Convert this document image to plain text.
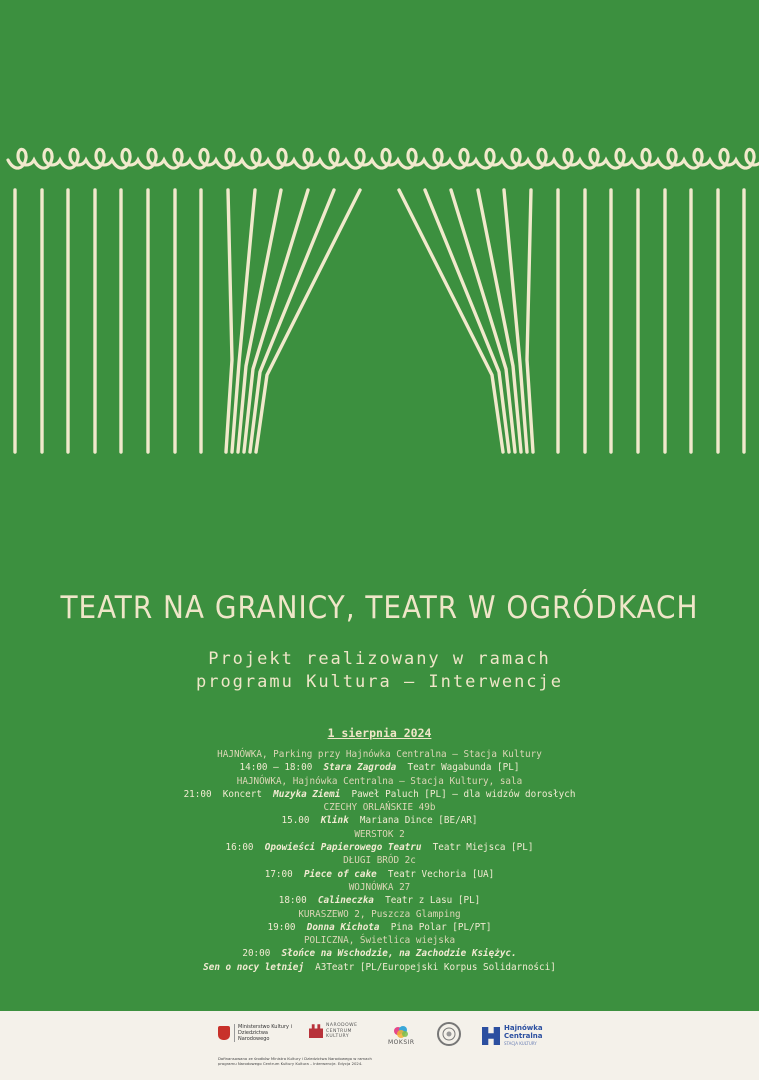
TEATR NA GRANICY, TEATR W OGRÓDKACH
Projekt realizowany w ramach
programu Kultura — Interwencje
1 sierpnia 2024
HAJNÓWKA, Parking przy Hajnówka Centralna – Stacja Kultury
14:00 – 18:00 Stara Zagroda Teatr Wagabunda [PL]
HAJNÓWKA, Hajnówka Centralna – Stacja Kultury, sala
21:00 Koncert Muzyka Ziemi Paweł Paluch [PL] – dla widzów dorosłych
CZECHY ORLAŃSKIE 49b
15.00 Klink Mariana Dince [BE/AR]
WERSTOK 2
16:00 Opowieści Papierowego Teatru Teatr Miejsca [PL]
DŁUGI BRÓD 2c
17:00 Piece of cake Teatr Vechoria [UA]
WOJNÓWKA 27
18:00 Calineczka Teatr z Lasu [PL]
KURASZEWO 2, Puszcza Glamping
19:00 Donna Kichota Pina Polar [PL/PT]
POLICZNA, Świetlica wiejska
20:00 Słońce na Wschodzie, na Zachodzie Księżyc.
Sen o nocy letniej A3Teatr [PL/Europejski Korpus Solidarności]
Ministerstwo Kultury i Dziedzictwa Narodowego
NARODOWE CENTRUM KULTURY
MOKSIR
Hajnówka Centralna
STACJA KULTURY
Dofinansowano ze środków Ministra Kultury i Dziedzictwa Narodowego w ramach programu Narodowego Centrum Kultury Kultura – Interwencje. Edycja 2024.
